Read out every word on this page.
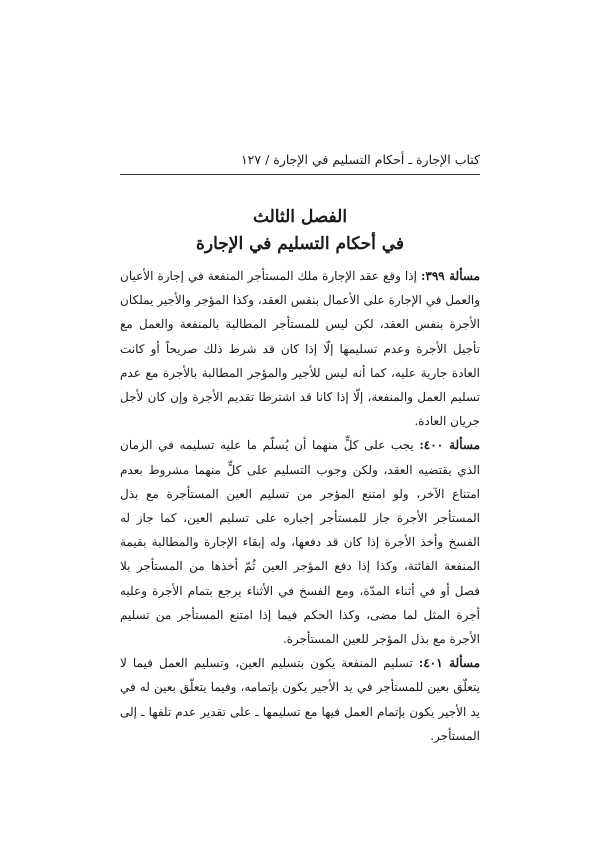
كتاب الإجارة ـ أحكام التسليم في الإجارة / ١٢٧
الفصل الثالث
في أحكام التسليم في الإجارة

مسألة ٣٩٩: إذا وقع عقد الإجارة ملك المستأجر المنفعة في إجارة الأعيان والعمل في الإجارة على الأعمال بنفس العقد، وكذا المؤجر والأجير يملكان الأجرة بنفس العقد، لكن ليس للمستأجر المطالبة بالمنفعة والعمل مع تأجيل الأجرة وعدم تسليمها إلّا إذا كان قد شرط ذلك صريحاً أو كانت العادة جارية عليه، كما أنه ليس للأجير والمؤجر المطالبة بالأجرة مع عدم تسليم العمل والمنفعة، إلّا إذا كانا قد اشترطا تقديم الأجرة وإن كان لأجل جريان العادة.

مسألة ٤٠٠: يجب على كلٍّ منهما أن يُسلّم ما عليه تسليمه في الزمان الذي يقتضيه العقد، ولكن وجوب التسليم على كلٍّ منهما مشروط بعدم امتناع الآخر، ولو امتنع المؤجر من تسليم العين المستأجرة مع بذل المستأجر الأجرة جاز للمستأجر إجباره على تسليم العين، كما جاز له الفسخ وأخذ الأجرة إذا كان قد دفعها، وله إبقاء الإجارة والمطالبة بقيمة المنفعة الفائتة، وكذا إذا دفع المؤجر العين ثُمّ أخذها من المستأجر بلا فصل أو في أثناء المدّة، ومع الفسخ في الأثناء يرجع بتمام الأجرة وعليه أجرة المثل لما مضى، وكذا الحكم فيما إذا امتنع المستأجر من تسليم الأجرة مع بذل المؤجر للعين المستأجرة.

مسألة ٤٠١: تسليم المنفعة يكون بتسليم العين، وتسليم العمل فيما لا يتعلّق بعين للمستأجر في يد الأجير يكون بإتمامه، وفيما يتعلّق بعين له في يد الأجير يكون بإتمام العمل فيها مع تسليمها ـ على تقدير عدم تلفها ـ إلى المستأجر.
